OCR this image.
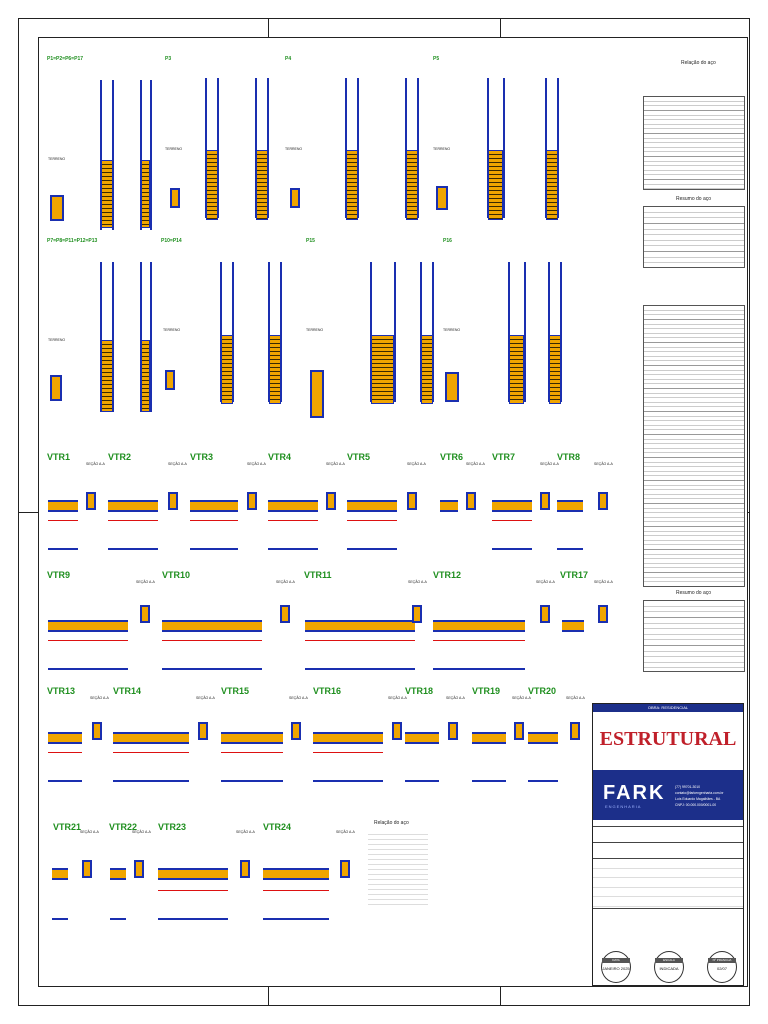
P1=P2=P6=P17	P3	P4	P5
TERRENO
TERRENO	TERRENO	TERRENO
P7=P8=P11=P12=P13	P10=P14	P15	P16
TERRENO
TERRENO	TERRENO	TERRENO
VTR1	VTR2	VTR3	VTR4	VTR5	VTR6	VTR7	VTR8
SEÇÃO A-A	SEÇÃO A-A	SEÇÃO A-A	SEÇÃO A-A	SEÇÃO A-A	SEÇÃO A-A	SEÇÃO A-A	SEÇÃO A-A
VTR9	VTR10	VTR11	VTR12	VTR17
SEÇÃO A-A	SEÇÃO A-A	SEÇÃO A-A	SEÇÃO A-A	SEÇÃO A-A
VTR13	VTR14	VTR15	VTR16	VTR18	VTR19	VTR20
SEÇÃO A-A	SEÇÃO A-A	SEÇÃO A-A	SEÇÃO A-A	SEÇÃO A-A	SEÇÃO A-A	SEÇÃO A-A
VTR21	VTR22 VTR23	VTR24
SEÇÃO A-A	SEÇÃO A-A	SEÇÃO A-A	SEÇÃO A-A
Relação do aço
Relação do aço
Resumo do aço
Resumo do aço
OBRA: RESIDENCIAL
ESTRUTURAL
FARK
ENGENHARIA
(77) 99701-3010
contato@farkengenharia.com.br
Luís Eduardo Magalhães - BA
CNPJ: 00.000.000/0001-00
DATA
JANEIRO 2025
ESCALA
INDICADA
Nº PRANCHA
02/07
